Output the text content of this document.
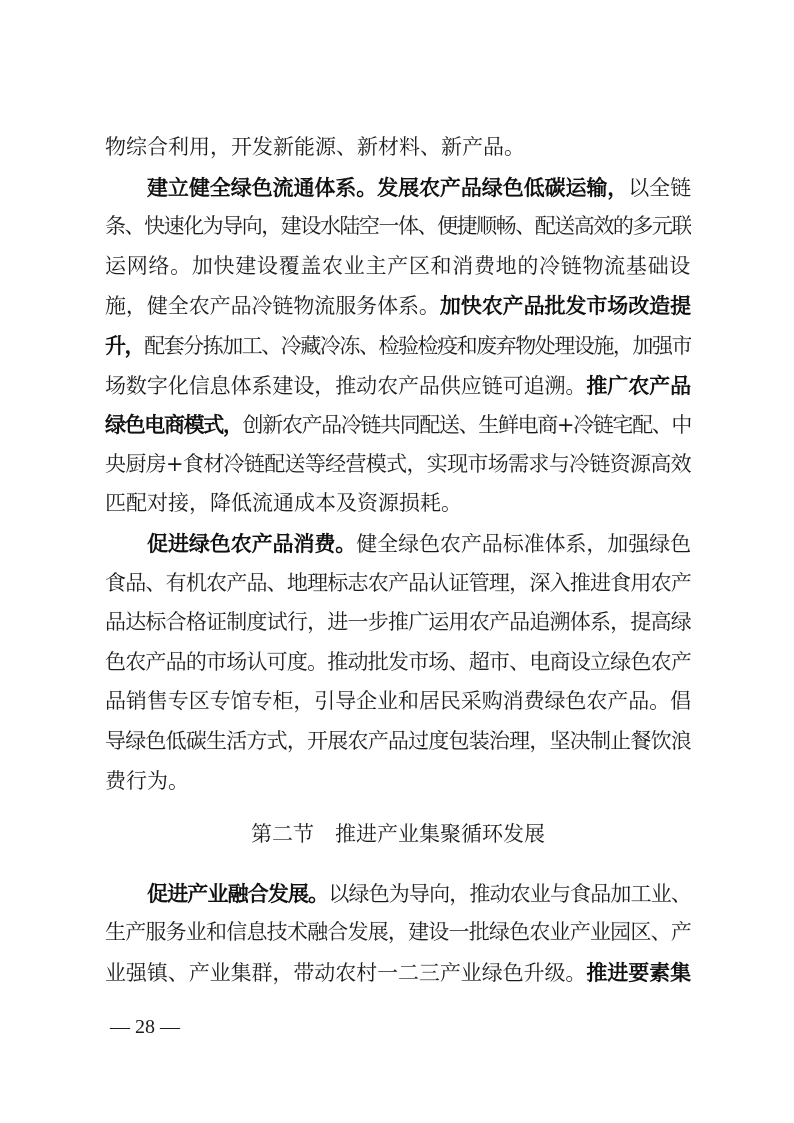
物综合利用，开发新能源、新材料、新产品。
建立健全绿色流通体系。发展农产品绿色低碳运输，以全链
条、快速化为导向，建设水陆空一体、便捷顺畅、配送高效的多元联
运网络。加快建设覆盖农业主产区和消费地的冷链物流基础设
施，健全农产品冷链物流服务体系。加快农产品批发市场改造提
升，配套分拣加工、冷藏冷冻、检验检疫和废弃物处理设施，加强市
场数字化信息体系建设，推动农产品供应链可追溯。推广农产品
绿色电商模式，创新农产品冷链共同配送、生鲜电商+冷链宅配、中
央厨房+食材冷链配送等经营模式，实现市场需求与冷链资源高效
匹配对接，降低流通成本及资源损耗。
促进绿色农产品消费。健全绿色农产品标准体系，加强绿色
食品、有机农产品、地理标志农产品认证管理，深入推进食用农产
品达标合格证制度试行，进一步推广运用农产品追溯体系，提高绿
色农产品的市场认可度。推动批发市场、超市、电商设立绿色农产
品销售专区专馆专柜，引导企业和居民采购消费绿色农产品。倡
导绿色低碳生活方式，开展农产品过度包装治理，坚决制止餐饮浪
费行为。
第二节　推进产业集聚循环发展
促进产业融合发展。以绿色为导向，推动农业与食品加工业、
生产服务业和信息技术融合发展，建设一批绿色农业产业园区、产
业强镇、产业集群，带动农村一二三产业绿色升级。推进要素集
— 28 —
